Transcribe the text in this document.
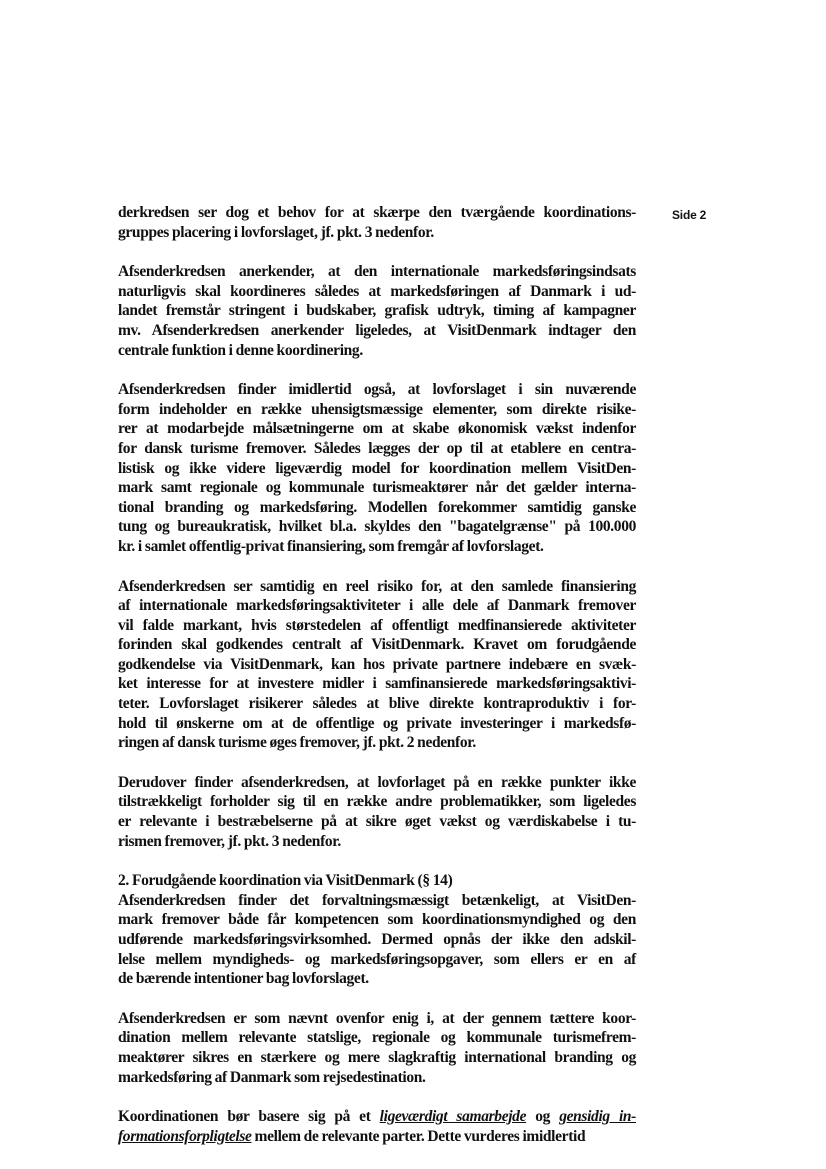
Side 2
derkredsen ser dog et behov for at skærpe den tværgående koordinations-
gruppes placering i lovforslaget, jf. pkt. 3 nedenfor.
Afsenderkredsen anerkender, at den internationale markedsføringsindsats
naturligvis skal koordineres således at markedsføringen af Danmark i ud-
landet fremstår stringent i budskaber, grafisk udtryk, timing af kampagner
mv. Afsenderkredsen anerkender ligeledes, at VisitDenmark indtager den
centrale funktion i denne koordinering.
Afsenderkredsen finder imidlertid også, at lovforslaget i sin nuværende
form indeholder en række uhensigtsmæssige elementer, som direkte risike-
rer at modarbejde målsætningerne om at skabe økonomisk vækst indenfor
for dansk turisme fremover. Således lægges der op til at etablere en centra-
listisk og ikke videre ligeværdig model for koordination mellem VisitDen-
mark samt regionale og kommunale turismeaktører når det gælder interna-
tional branding og markedsføring. Modellen forekommer samtidig ganske
tung og bureaukratisk, hvilket bl.a. skyldes den "bagatelgrænse" på 100.000
kr. i samlet offentlig-privat finansiering, som fremgår af lovforslaget.
Afsenderkredsen ser samtidig en reel risiko for, at den samlede finansiering
af internationale markedsføringsaktiviteter i alle dele af Danmark fremover
vil falde markant, hvis størstedelen af offentligt medfinansierede aktiviteter
forinden skal godkendes centralt af VisitDenmark. Kravet om forudgående
godkendelse via VisitDenmark, kan hos private partnere indebære en svæk-
ket interesse for at investere midler i samfinansierede markedsføringsaktivi-
teter. Lovforslaget risikerer således at blive direkte kontraproduktiv i for-
hold til ønskerne om at de offentlige og private investeringer i markedsfø-
ringen af dansk turisme øges fremover, jf. pkt. 2 nedenfor.
Derudover finder afsenderkredsen, at lovforlaget på en række punkter ikke
tilstrækkeligt forholder sig til en række andre problematikker, som ligeledes
er relevante i bestræbelserne på at sikre øget vækst og værdiskabelse i tu-
rismen fremover, jf. pkt. 3 nedenfor.
2. Forudgående koordination via VisitDenmark (§ 14)
Afsenderkredsen finder det forvaltningsmæssigt betænkeligt, at VisitDen-
mark fremover både får kompetencen som koordinationsmyndighed og den
udførende markedsføringsvirksomhed. Dermed opnås der ikke den adskil-
lelse mellem myndigheds- og markedsføringsopgaver, som ellers er en af
de bærende intentioner bag lovforslaget.
Afsenderkredsen er som nævnt ovenfor enig i, at der gennem tættere koor-
dination mellem relevante statslige, regionale og kommunale turismefrem-
meaktører sikres en stærkere og mere slagkraftig international branding og
markedsføring af Danmark som rejsedestination.
Koordinationen bør basere sig på et ligeværdigt samarbejde og gensidig in-
formationsforpligtelse mellem de relevante parter. Dette vurderes imidlertid
